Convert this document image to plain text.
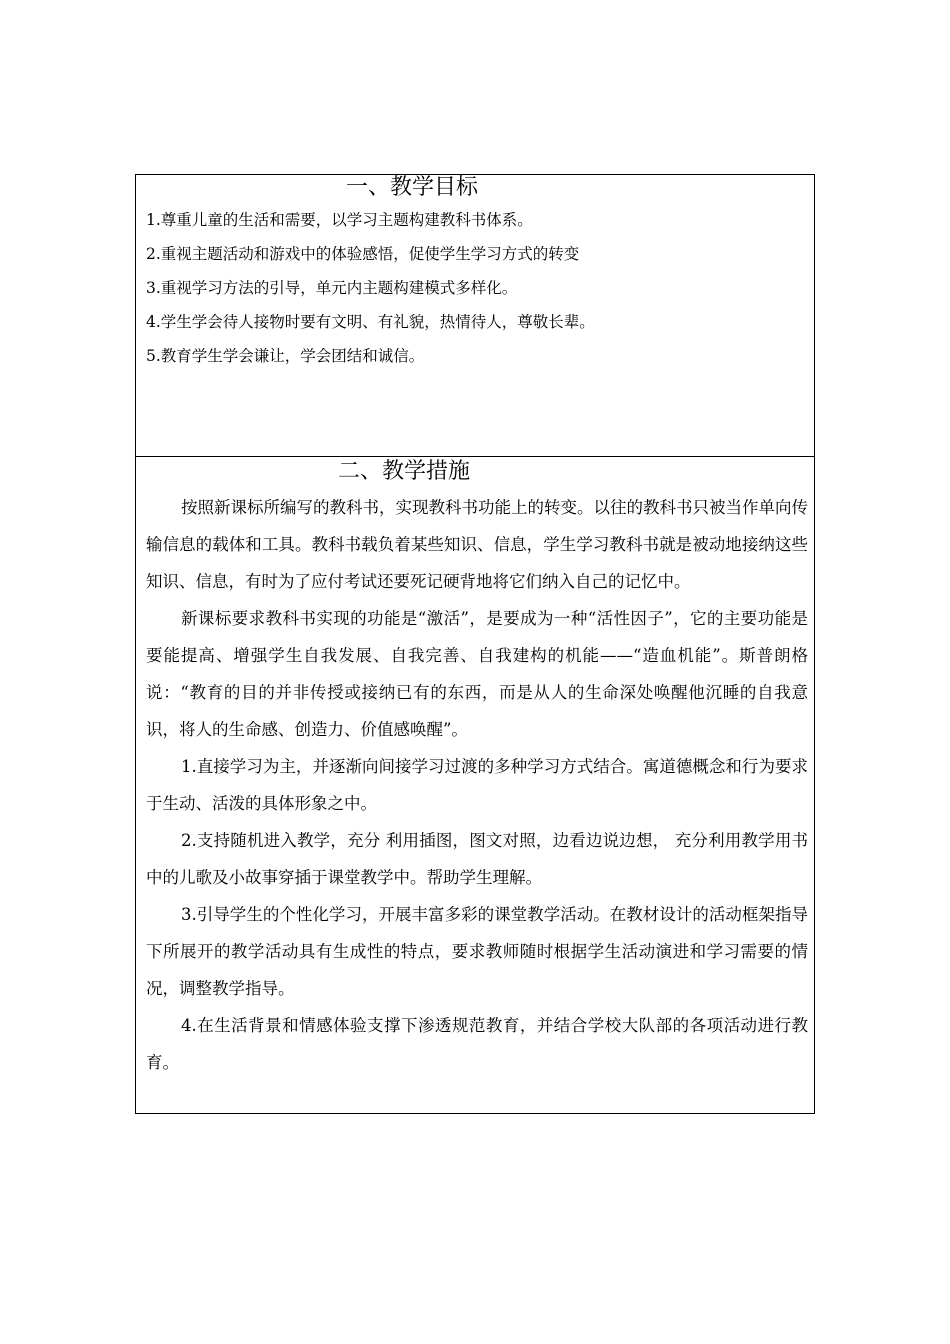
一、教学目标
1.尊重儿童的生活和需要，以学习主题构建教科书体系。
2.重视主题活动和游戏中的体验感悟，促使学生学习方式的转变
3.重视学习方法的引导，单元内主题构建模式多样化。
4.学生学会待人接物时要有文明、有礼貌，热情待人，尊敬长辈。
5.教育学生学会谦让，学会团结和诚信。
二、教学措施

按照新课标所编写的教科书，实现教科书功能上的转变。以往的教科书只被当作单向传输信息的载体和工具。教科书载负着某些知识、信息，学生学习教科书就是被动地接纳这些知识、信息，有时为了应付考试还要死记硬背地将它们纳入自己的记忆中。

新课标要求教科书实现的功能是“激活”，是要成为一种“活性因子”，它的主要功能是要能提高、增强学生自我发展、自我完善、自我建构的机能——“造血机能”。斯普朗格说：“教育的目的并非传授或接纳已有的东西，而是从人的生命深处唤醒他沉睡的自我意识，将人的生命感、创造力、价值感唤醒”。

1.直接学习为主，并逐渐向间接学习过渡的多种学习方式结合。寓道德概念和行为要求于生动、活泼的具体形象之中。

2.支持随机进入教学，充分 利用插图，图文对照，边看边说边想， 充分利用教学用书中的儿歌及小故事穿插于课堂教学中。帮助学生理解。

3.引导学生的个性化学习，开展丰富多彩的课堂教学活动。在教材设计的活动框架指导下所展开的教学活动具有生成性的特点，要求教师随时根据学生活动演进和学习需要的情况，调整教学指导。

4.在生活背景和情感体验支撑下渗透规范教育，并结合学校大队部的各项活动进行教育。
